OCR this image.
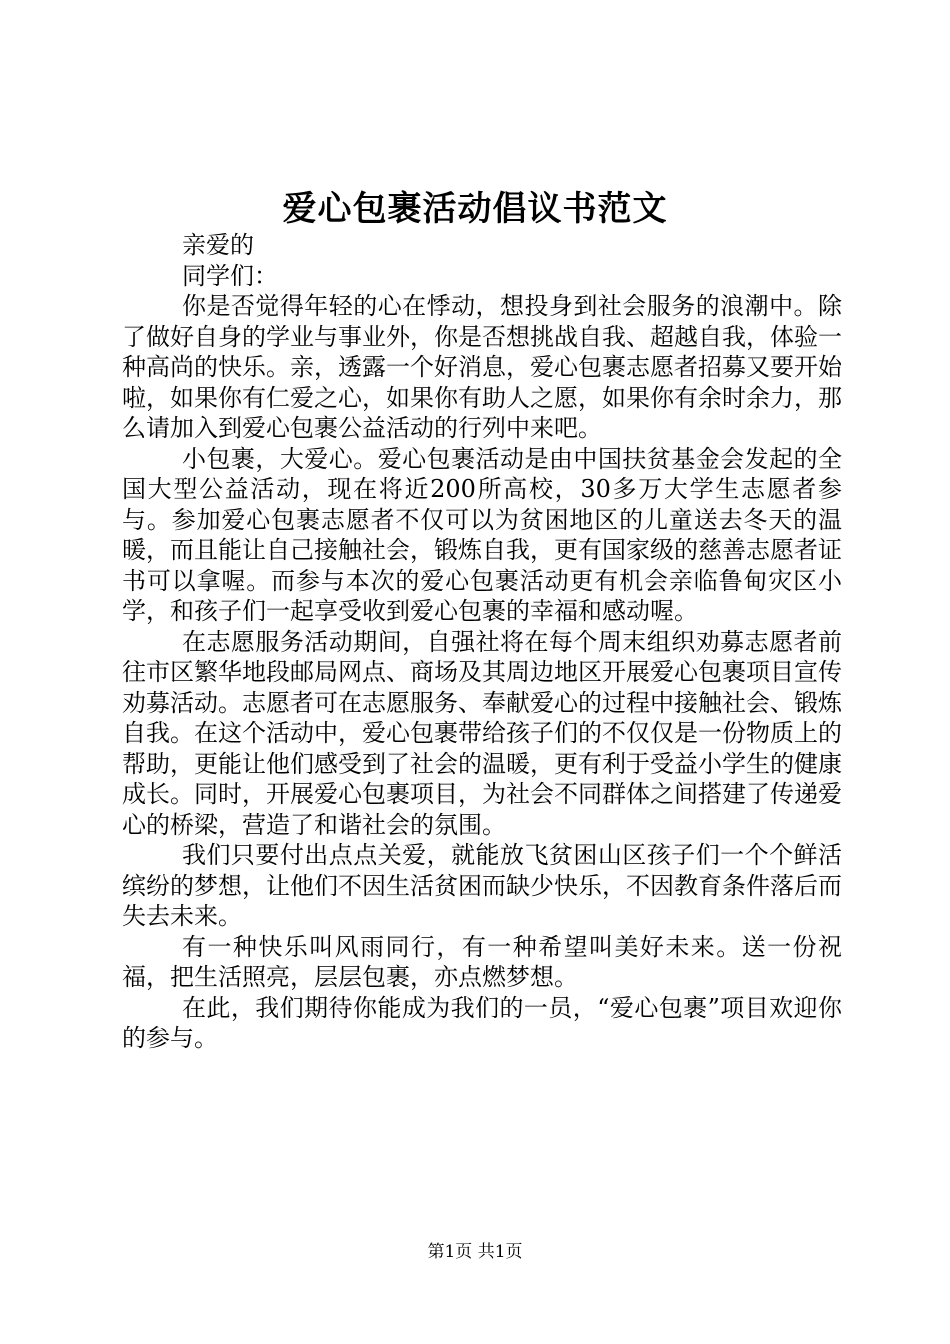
爱心包裹活动倡议书范文

亲爱的

同学们：

你是否觉得年轻的心在悸动，想投身到社会服务的浪潮中。除了做好自身的学业与事业外，你是否想挑战自我、超越自我，体验一种高尚的快乐。亲，透露一个好消息，爱心包裹志愿者招募又要开始啦，如果你有仁爱之心，如果你有助人之愿，如果你有余时余力，那么请加入到爱心包裹公益活动的行列中来吧。

小包裹，大爱心。爱心包裹活动是由中国扶贫基金会发起的全国大型公益活动，现在将近200所高校，30多万大学生志愿者参与。参加爱心包裹志愿者不仅可以为贫困地区的儿童送去冬天的温暖，而且能让自己接触社会，锻炼自我，更有国家级的慈善志愿者证书可以拿喔。而参与本次的爱心包裹活动更有机会亲临鲁甸灾区小学，和孩子们一起享受收到爱心包裹的幸福和感动喔。

在志愿服务活动期间，自强社将在每个周末组织劝募志愿者前往市区繁华地段邮局网点、商场及其周边地区开展爱心包裹项目宣传劝募活动。志愿者可在志愿服务、奉献爱心的过程中接触社会、锻炼自我。在这个活动中，爱心包裹带给孩子们的不仅仅是一份物质上的帮助，更能让他们感受到了社会的温暖，更有利于受益小学生的健康成长。同时，开展爱心包裹项目，为社会不同群体之间搭建了传递爱心的桥梁，营造了和谐社会的氛围。

我们只要付出点点关爱，就能放飞贫困山区孩子们一个个鲜活缤纷的梦想，让他们不因生活贫困而缺少快乐，不因教育条件落后而失去未来。

有一种快乐叫风雨同行，有一种希望叫美好未来。送一份祝福，把生活照亮，层层包裹，亦点燃梦想。

在此，我们期待你能成为我们的一员，“爱心包裹”项目欢迎你的参与。

第1页 共1页
